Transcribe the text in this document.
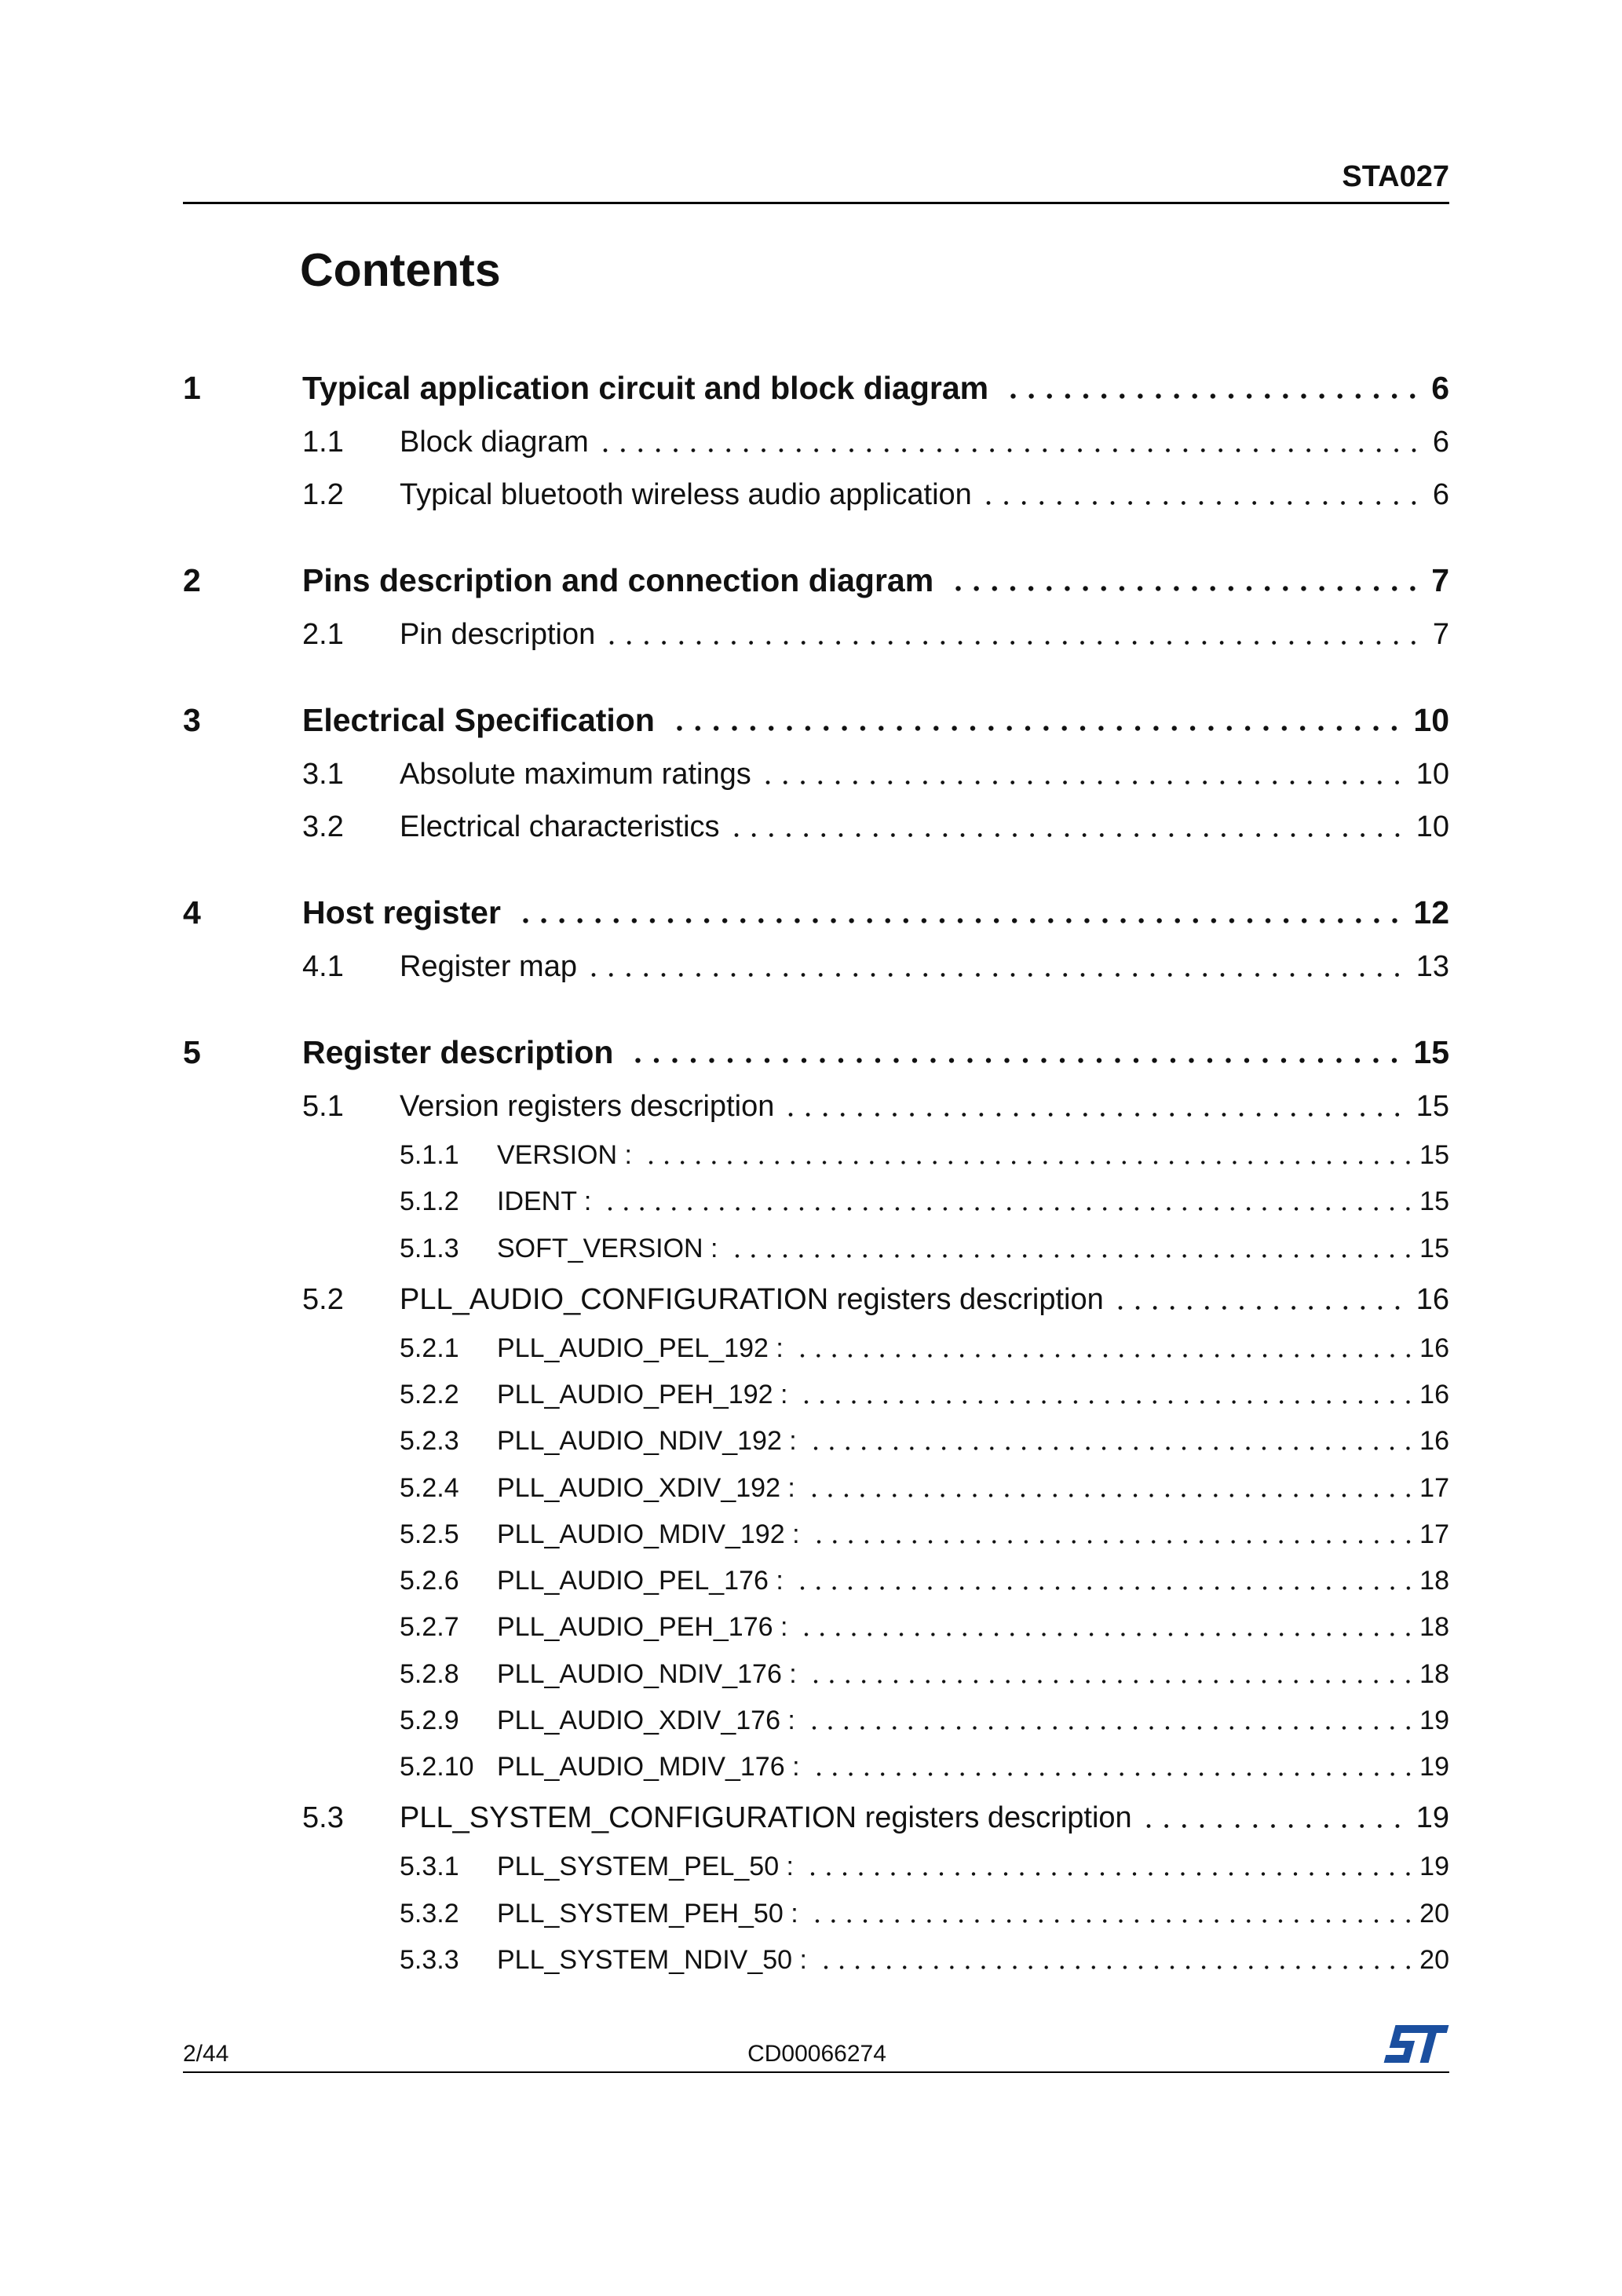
STA027
Contents
1	Typical application circuit and block diagram	6
1.1	Block diagram	6
1.2	Typical bluetooth wireless audio application	6
2	Pins description and connection diagram	7
2.1	Pin description	7
3	Electrical Specification	10
3.1	Absolute maximum ratings	10
3.2	Electrical characteristics	10
4	Host register	12
4.1	Register map	13
5	Register description	15
5.1	Version registers description	15
5.1.1	VERSION :	15
5.1.2	IDENT :	15
5.1.3	SOFT_VERSION :	15
5.2	PLL_AUDIO_CONFIGURATION registers description	16
5.2.1	PLL_AUDIO_PEL_192 :	16
5.2.2	PLL_AUDIO_PEH_192 :	16
5.2.3	PLL_AUDIO_NDIV_192 :	16
5.2.4	PLL_AUDIO_XDIV_192 :	17
5.2.5	PLL_AUDIO_MDIV_192 :	17
5.2.6	PLL_AUDIO_PEL_176 :	18
5.2.7	PLL_AUDIO_PEH_176 :	18
5.2.8	PLL_AUDIO_NDIV_176 :	18
5.2.9	PLL_AUDIO_XDIV_176 :	19
5.2.10 PLL_AUDIO_MDIV_176 :	19
5.3	PLL_SYSTEM_CONFIGURATION registers description	19
5.3.1	PLL_SYSTEM_PEL_50 :	19
5.3.2	PLL_SYSTEM_PEH_50 :	20
5.3.3	PLL_SYSTEM_NDIV_50 :	20
2/44	CD00066274
